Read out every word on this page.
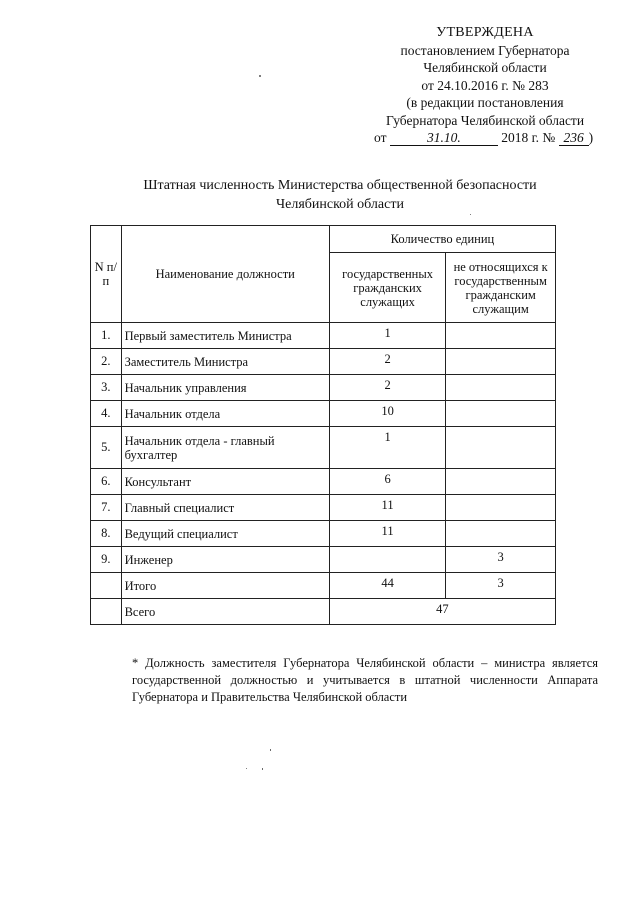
УТВЕРЖДЕНА
постановлением Губернатора
Челябинской области
от 24.10.2016 г. № 283
(в редакции постановления
Губернатора Челябинской области
от	31.10.	2018 г. № 236 )
Штатная численность Министерства общественной безопасности
Челябинской области
N п/п	Наименование должности	Количество единиц	
		государственных гражданских служащих	не относящихся к государственным гражданским служащим
1.	Первый заместитель Министра	1	
2.	Заместитель Министра	2	
3.	Начальник управления	2	
4.	Начальник отдела	10	
5.	Начальник отдела - главный бухгалтер	1	
6.	Консультант	6	
7.	Главный специалист	11	
8.	Ведущий специалист	11	
9.	Инженер		3
	Итого	44	3
	Всего	47	
* Должность заместителя Губернатора Челябинской области – министра является государственной должностью и учитывается в штатной численности Аппарата Губернатора и Правительства Челябинской области
